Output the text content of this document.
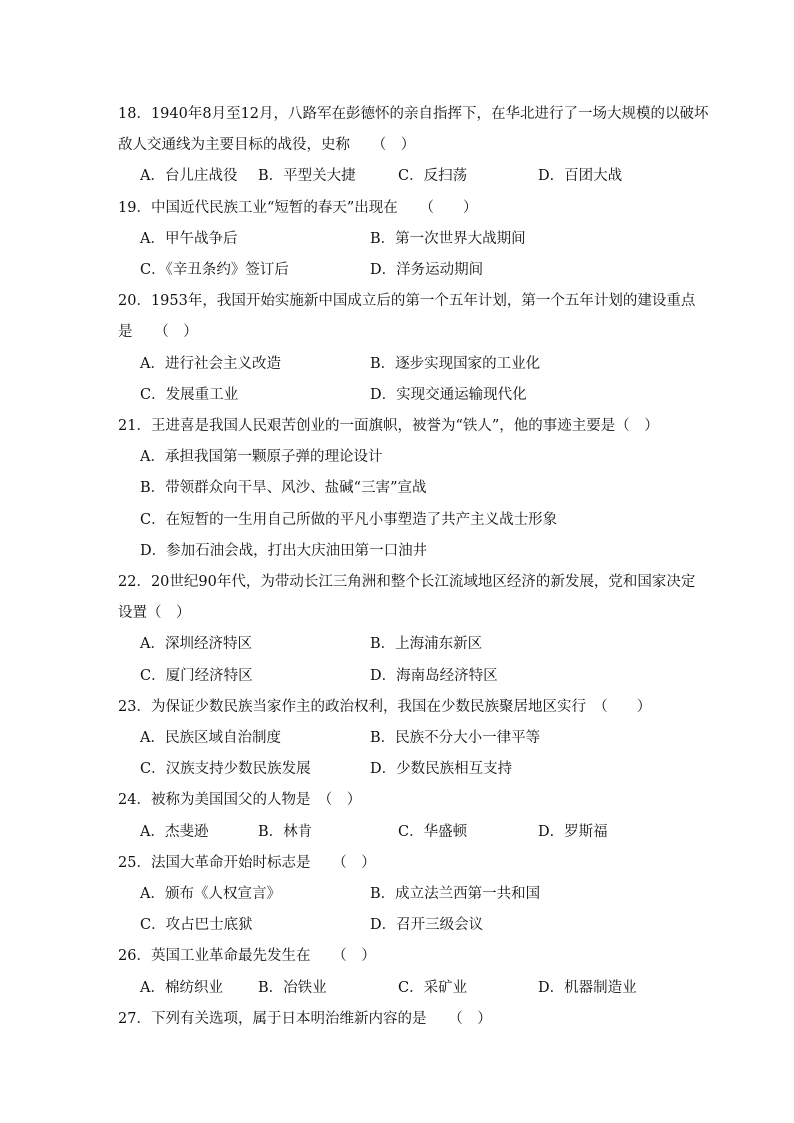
18．1940年8月至12月，八路军在彭德怀的亲自指挥下，在华北进行了一场大规模的以破坏
敌人交通线为主要目标的战役，史称　　（　）
A．台儿庄战役 B．平型关大捷	C．反扫荡	D．百团大战
19．中国近代民族工业“短暂的春天”出现在　　（　　）
A．甲午战争后	B．第一次世界大战期间
C．《辛丑条约》签订后	D．洋务运动期间
20．1953年，我国开始实施新中国成立后的第一个五年计划，第一个五年计划的建设重点
是　　（　）
A．进行社会主义改造	B．逐步实现国家的工业化
C．发展重工业	D．实现交通运输现代化
21．王进喜是我国人民艰苦创业的一面旗帜，被誉为“铁人”，他的事迹主要是（　）
A．承担我国第一颗原子弹的理论设计
B．带领群众向干旱、风沙、盐碱“三害”宣战
C．在短暂的一生用自己所做的平凡小事塑造了共产主义战士形象
D．参加石油会战，打出大庆油田第一口油井
22．20世纪90年代，为带动长江三角洲和整个长江流域地区经济的新发展，党和国家决定
设置（　）
A．深圳经济特区	B．上海浦东新区
C．厦门经济特区	D．海南岛经济特区
23．为保证少数民族当家作主的政治权利，我国在少数民族聚居地区实行　（　　）
A．民族区域自治制度	B．民族不分大小一律平等
C．汉族支持少数民族发展	D．少数民族相互支持
24．被称为美国国父的人物是　（　）
A．杰斐逊	B．林肯	C．华盛顿	D．罗斯福
25．法国大革命开始时标志是　　（　）
A．颁布《人权宣言》	B．成立法兰西第一共和国
C．攻占巴士底狱	D．召开三级会议
26．英国工业革命最先发生在　　（　）
A．棉纺织业 B．冶铁业	C．采矿业	D．机器制造业
27．下列有关选项，属于日本明治维新内容的是　　（　）
